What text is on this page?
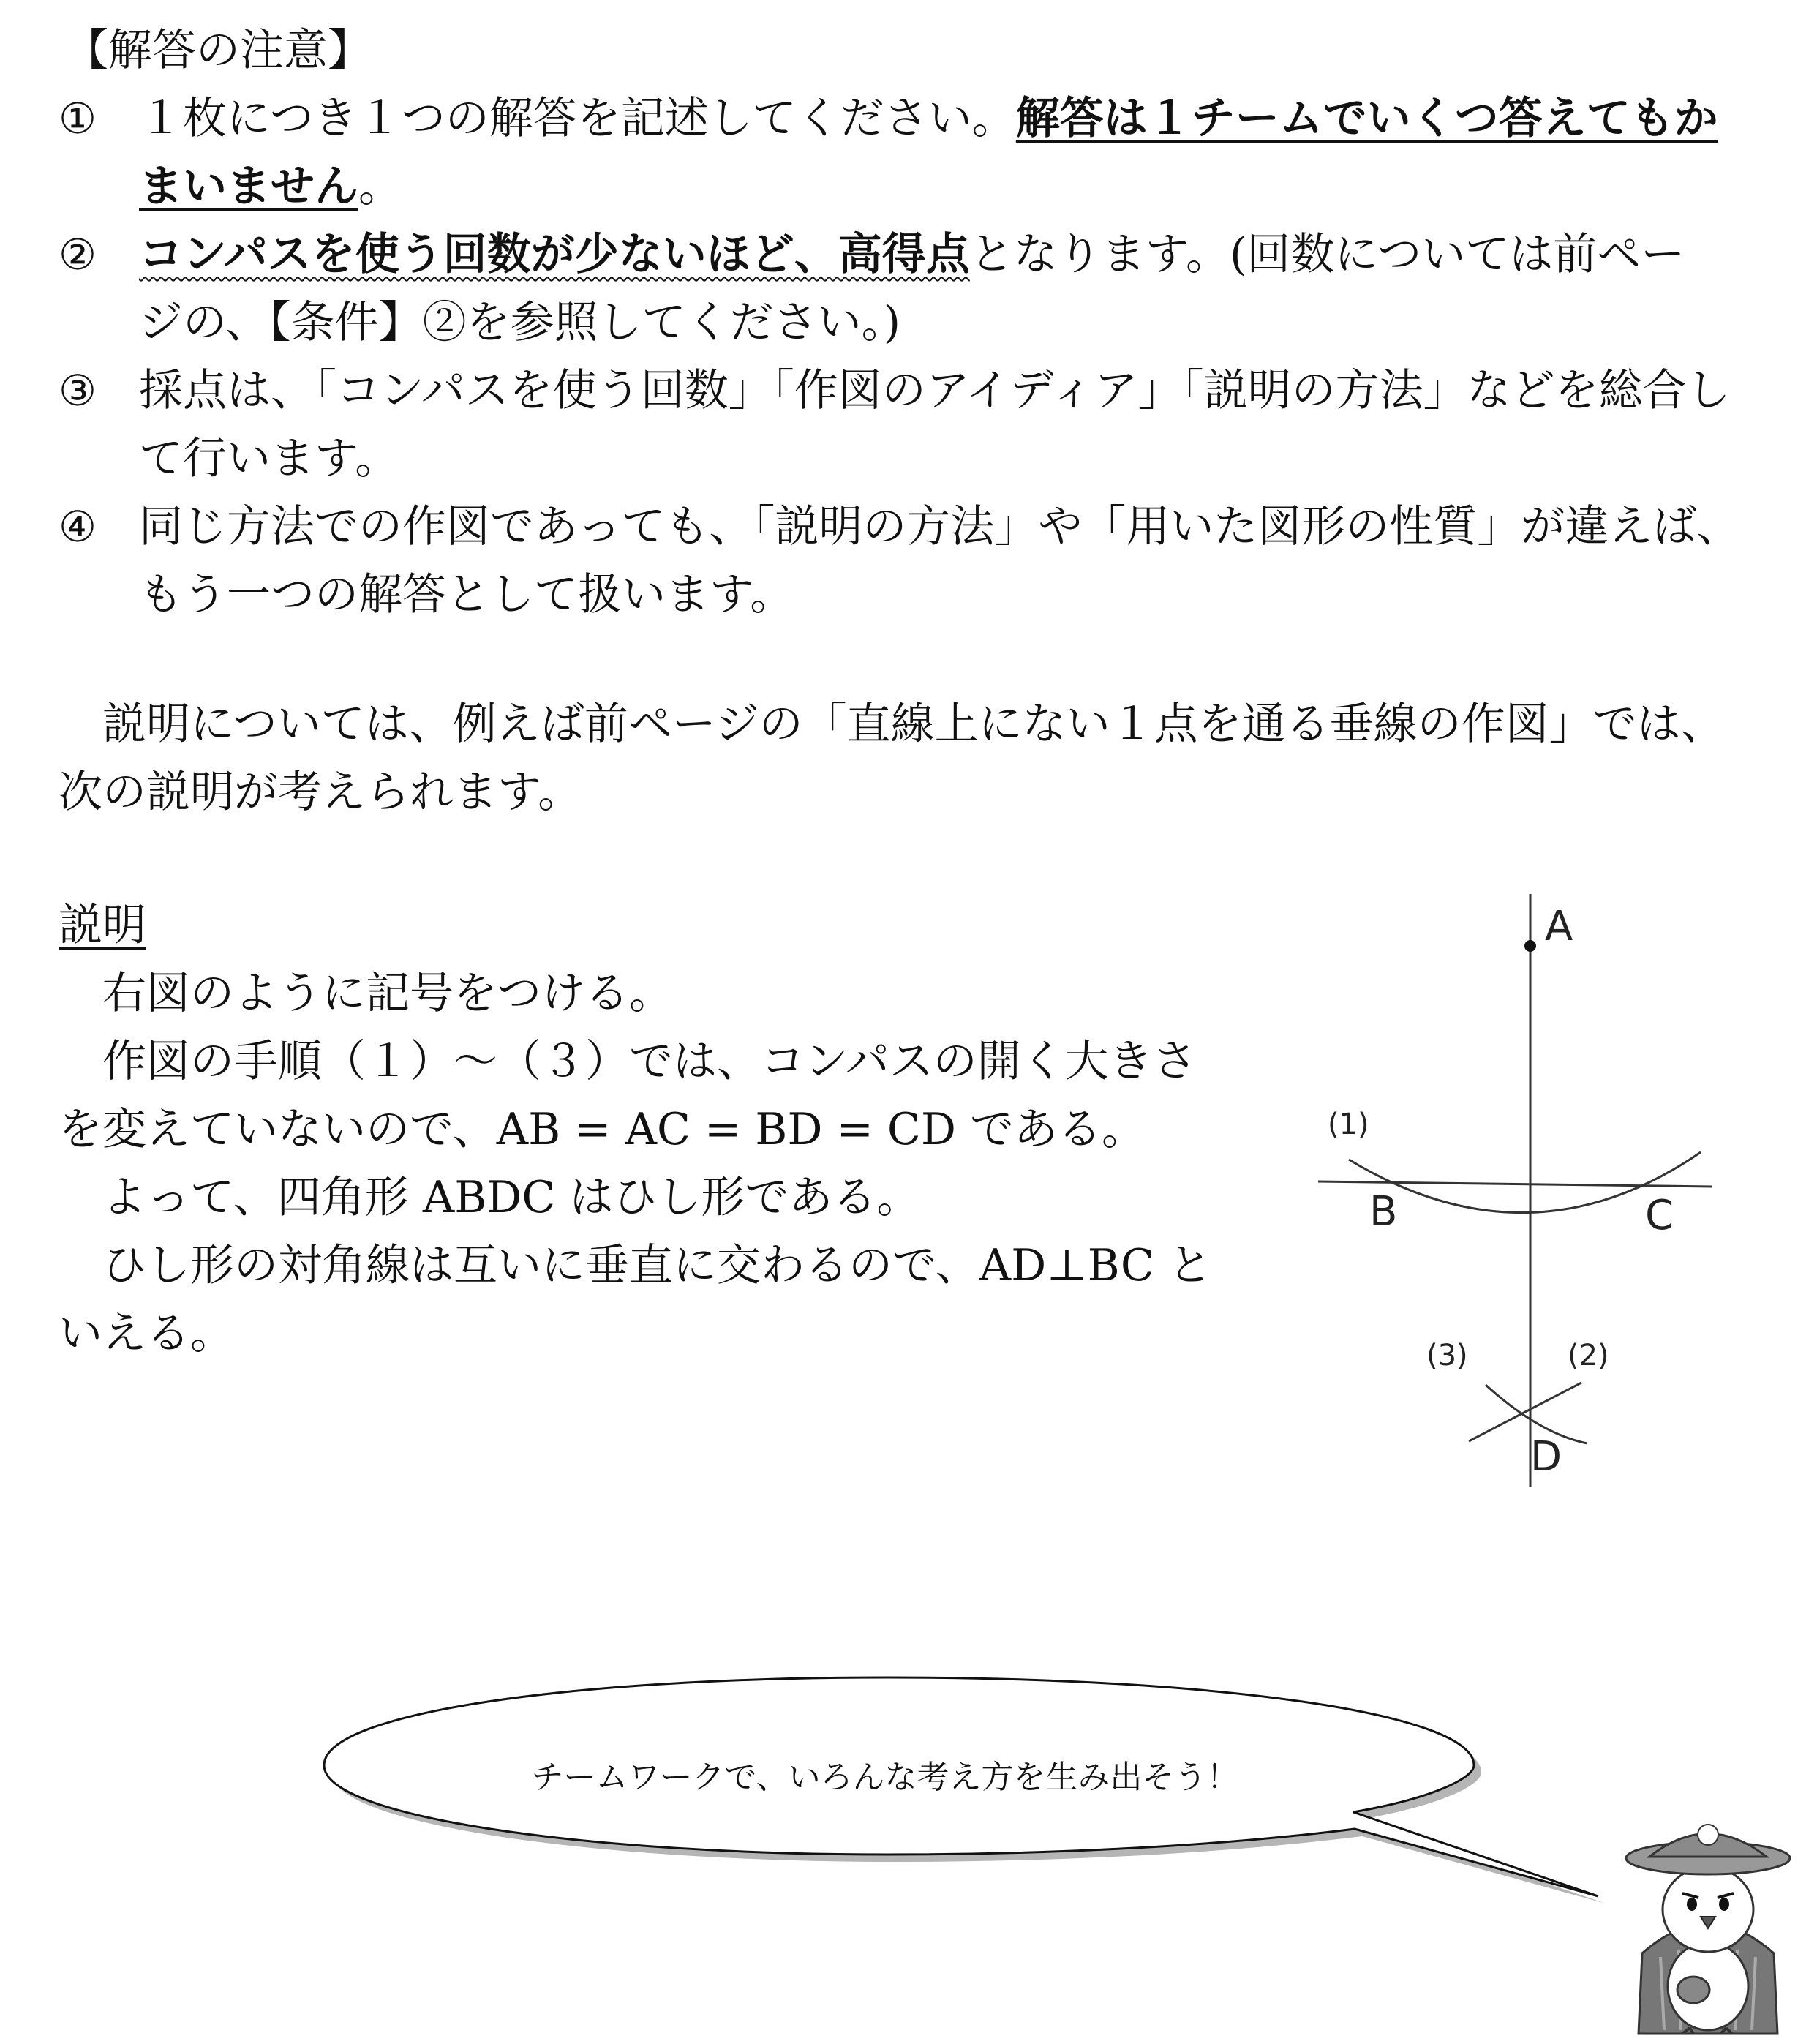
【解答の注意】
① １枚につき１つの解答を記述してください。解答は１チームでいくつ答えてもか
まいません。
② コンパスを使う回数が少ないほど、高得点となります。(回数については前ペー
ジの、【条件】②を参照してください。)
③ 採点は、「コンパスを使う回数」「作図のアイディア」「説明の方法」などを総合し
て行います。
④ 同じ方法での作図であっても、「説明の方法」や「用いた図形の性質」が違えば、
もう一つの解答として扱います。
説明については、例えば前ページの「直線上にない１点を通る垂線の作図」では、
次の説明が考えられます。
説明
右図のように記号をつける。
作図の手順（１）～（３）では、コンパスの開く大きさ
を変えていないので、AB = AC = BD = CD である。
よって、四角形 ABDC はひし形である。
ひし形の対角線は互いに垂直に交わるので、AD⊥BC と
いえる。
A
B	C
D
(1)
(2)
(3)
チームワークで、いろんな考え方を生み出そう！
